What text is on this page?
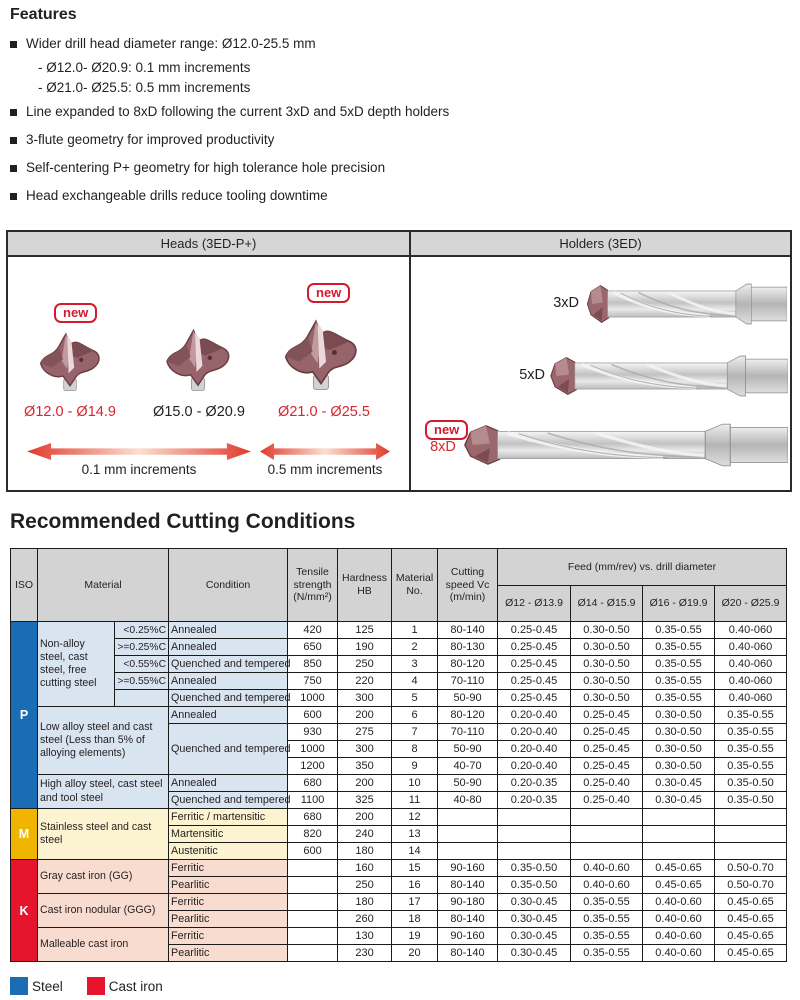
Features
Wider drill head diameter range: Ø12.0-25.5 mm
- Ø12.0- Ø20.9: 0.1 mm increments
- Ø21.0- Ø25.5: 0.5 mm increments
Line expanded to 8xD following the current 3xD and 5xD depth holders
3-flute geometry for improved productivity
Self-centering P+ geometry for high tolerance hole precision
Head exchangeable drills reduce tooling downtime
Heads (3ED-P+)
new
Ø12.0 - Ø14.9	Ø15.0 - Ø20.9
new
Ø21.0 - Ø25.5
0.1 mm increments	0.5 mm increments
Holders (3ED)
3xD
5xD
new
8xD
Recommended Cutting Conditions
ISO	Material		Condition	Tensile strength (N/mm²)	Hardness HB	Material No.	Cutting speed Vc (m/min)	Feed (mm/rev) vs. drill diameter			
								Ø12 - Ø13.9	Ø14 - Ø15.9	Ø16 - Ø19.9	Ø20 - Ø25.9
P	Non-alloy steel, cast steel, free cutting steel	<0.25%C	Annealed	420	125	1	80-140	0.25-0.45	0.30-0.50	0.35-0.55	0.40-060
		>=0.25%C	Annealed	650	190	2	80-130	0.25-0.45	0.30-0.50	0.35-0.55	0.40-060
		<0.55%C	Quenched and tempered	850	250	3	80-120	0.25-0.45	0.30-0.50	0.35-0.55	0.40-060
		>=0.55%C	Annealed	750	220	4	70-110	0.25-0.45	0.30-0.50	0.35-0.55	0.40-060
			Quenched and tempered	1000	300	5	50-90	0.25-0.45	0.30-0.50	0.35-0.55	0.40-060
	Low alloy steel and cast steel (Less than 5% of alloying elements)		Annealed	600	200	6	80-120	0.20-0.40	0.25-0.45	0.30-0.50	0.35-0.55
			Quenched and tempered	930	275	7	70-110	0.20-0.40	0.25-0.45	0.30-0.50	0.35-0.55
				1000	300	8	50-90	0.20-0.40	0.25-0.45	0.30-0.50	0.35-0.55
				1200	350	9	40-70	0.20-0.40	0.25-0.45	0.30-0.50	0.35-0.55
	High alloy steel, cast steel and tool steel		Annealed	680	200	10	50-90	0.20-0.35	0.25-0.40	0.30-0.45	0.35-0.50
			Quenched and tempered	1100	325	11	40-80	0.20-0.35	0.25-0.40	0.30-0.45	0.35-0.50
M	Stainless steel and cast steel		Ferritic / martensitic	680	200	12					
			Martensitic	820	240	13					
			Austenitic	600	180	14					
K	Gray cast iron (GG)		Ferritic		160	15	90-160	0.35-0.50	0.40-0.60	0.45-0.65	0.50-0.70
			Pearlitic		250	16	80-140	0.35-0.50	0.40-0.60	0.45-0.65	0.50-0.70
	Cast iron nodular (GGG)		Ferritic		180	17	90-180	0.30-0.45	0.35-0.55	0.40-0.60	0.45-0.65
			Pearlitic		260	18	80-140	0.30-0.45	0.35-0.55	0.40-0.60	0.45-0.65
	Malleable cast iron		Ferritic		130	19	90-160	0.30-0.45	0.35-0.55	0.40-0.60	0.45-0.65
			Pearlitic		230	20	80-140	0.30-0.45	0.35-0.55	0.40-0.60	0.45-0.65
Steel	Cast iron
